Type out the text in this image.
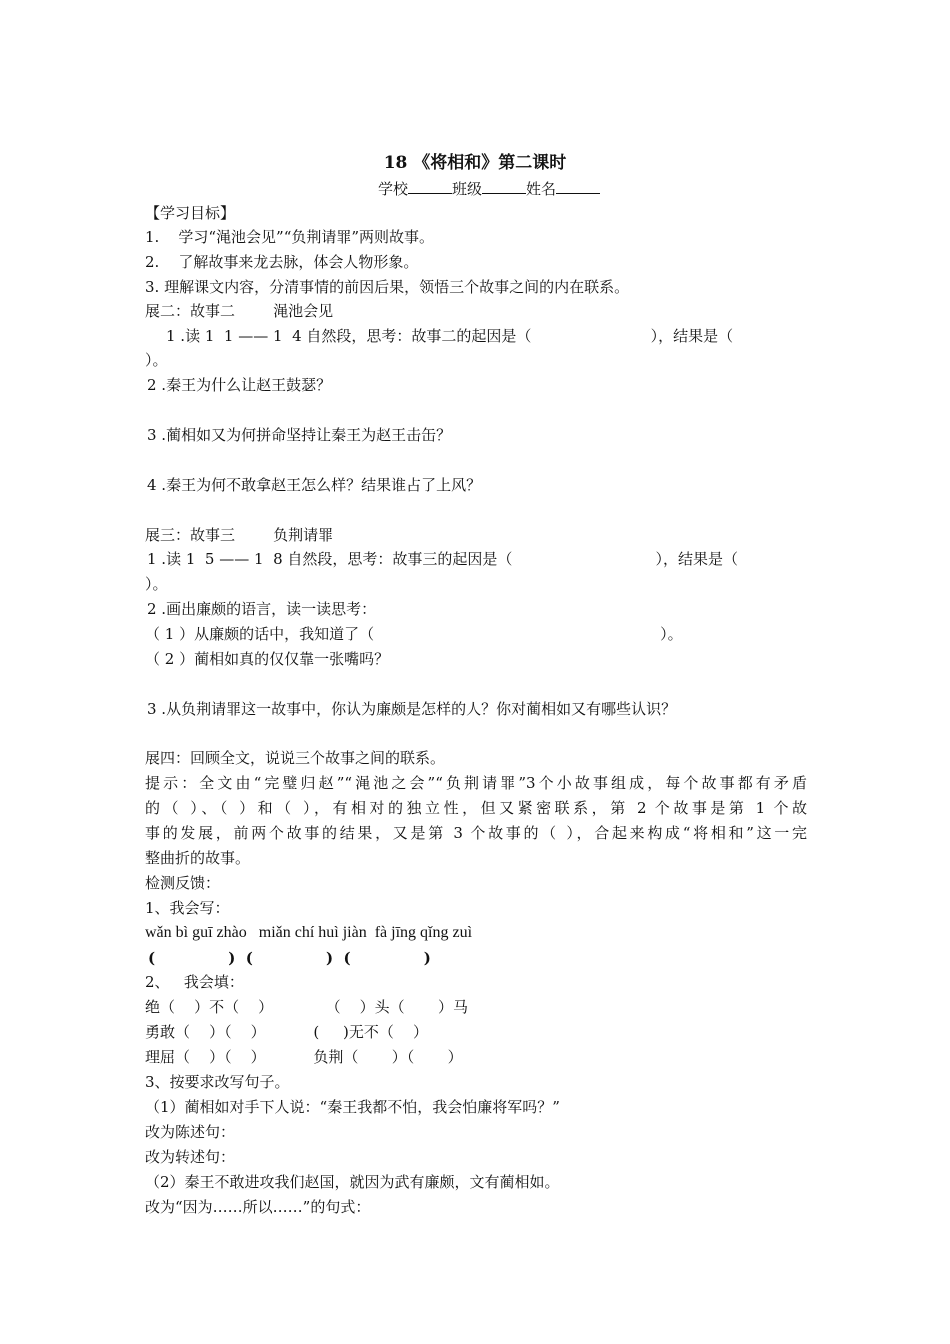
18 《将相和》第二课时
学校	班级	姓名
【学习目标】
1.    学习“渑池会见”“负荆请罪”两则故事。
2.    了解故事来龙去脉，体会人物形象。
3. 理解课文内容，分清事情的前因后果，领悟三个故事之间的内在联系。
展二：故事二        渑池会见
1 .读 1  1 —— 1  4 自然段，思考：故事二的起因是（                         ），结果是（
）。
2 .秦王为什么让赵王鼓瑟？
3 .蔺相如又为何拼命坚持让秦王为赵王击缶？
4 .秦王为何不敢拿赵王怎么样？结果谁占了上风？
展三：故事三        负荆请罪
1 .读 1  5 —— 1  8 自然段，思考：故事三的起因是（                              ），结果是（
）。
2 .画出廉颇的语言，读一读思考：
（ 1 ）从廉颇的话中，我知道了（                                                            ）。
（ 2 ）蔺相如真的仅仅靠一张嘴吗？
3 .从负荆请罪这一故事中，你认为廉颇是怎样的人？你对蔺相如又有哪些认识？
展四：回顾全文，说说三个故事之间的联系。
提示：全文由“完璧归赵”“渑池之会”“负荆请罪”3个小故事组成，每个故事都有矛盾
的（ ）、（ ）和（ ），有相对的独立性，但又紧密联系，第 2 个故事是第 1 个故
事的发展，前两个故事的结果，又是第 3 个故事的（ ），合起来构成“将相和”这一完
整曲折的故事。
检测反馈：
1、我会写：
wǎn bì guī zhào   miǎn chí huì jiàn  fà jīng qǐng zuì
(              )  (              )  (              )
2、   我会填：
绝（    ）不（    ）           （    ）头（       ）马
勇敢（    ）（    ）          (     )无不（    ）
理屈（    ）（    ）          负荆（       ）（       ）
3、按要求改写句子。
（1）蔺相如对手下人说：“秦王我都不怕，我会怕廉将军吗？”
改为陈述句：
改为转述句：
（2）秦王不敢进攻我们赵国，就因为武有廉颇，文有蔺相如。
改为“因为……所以……”的句式：
